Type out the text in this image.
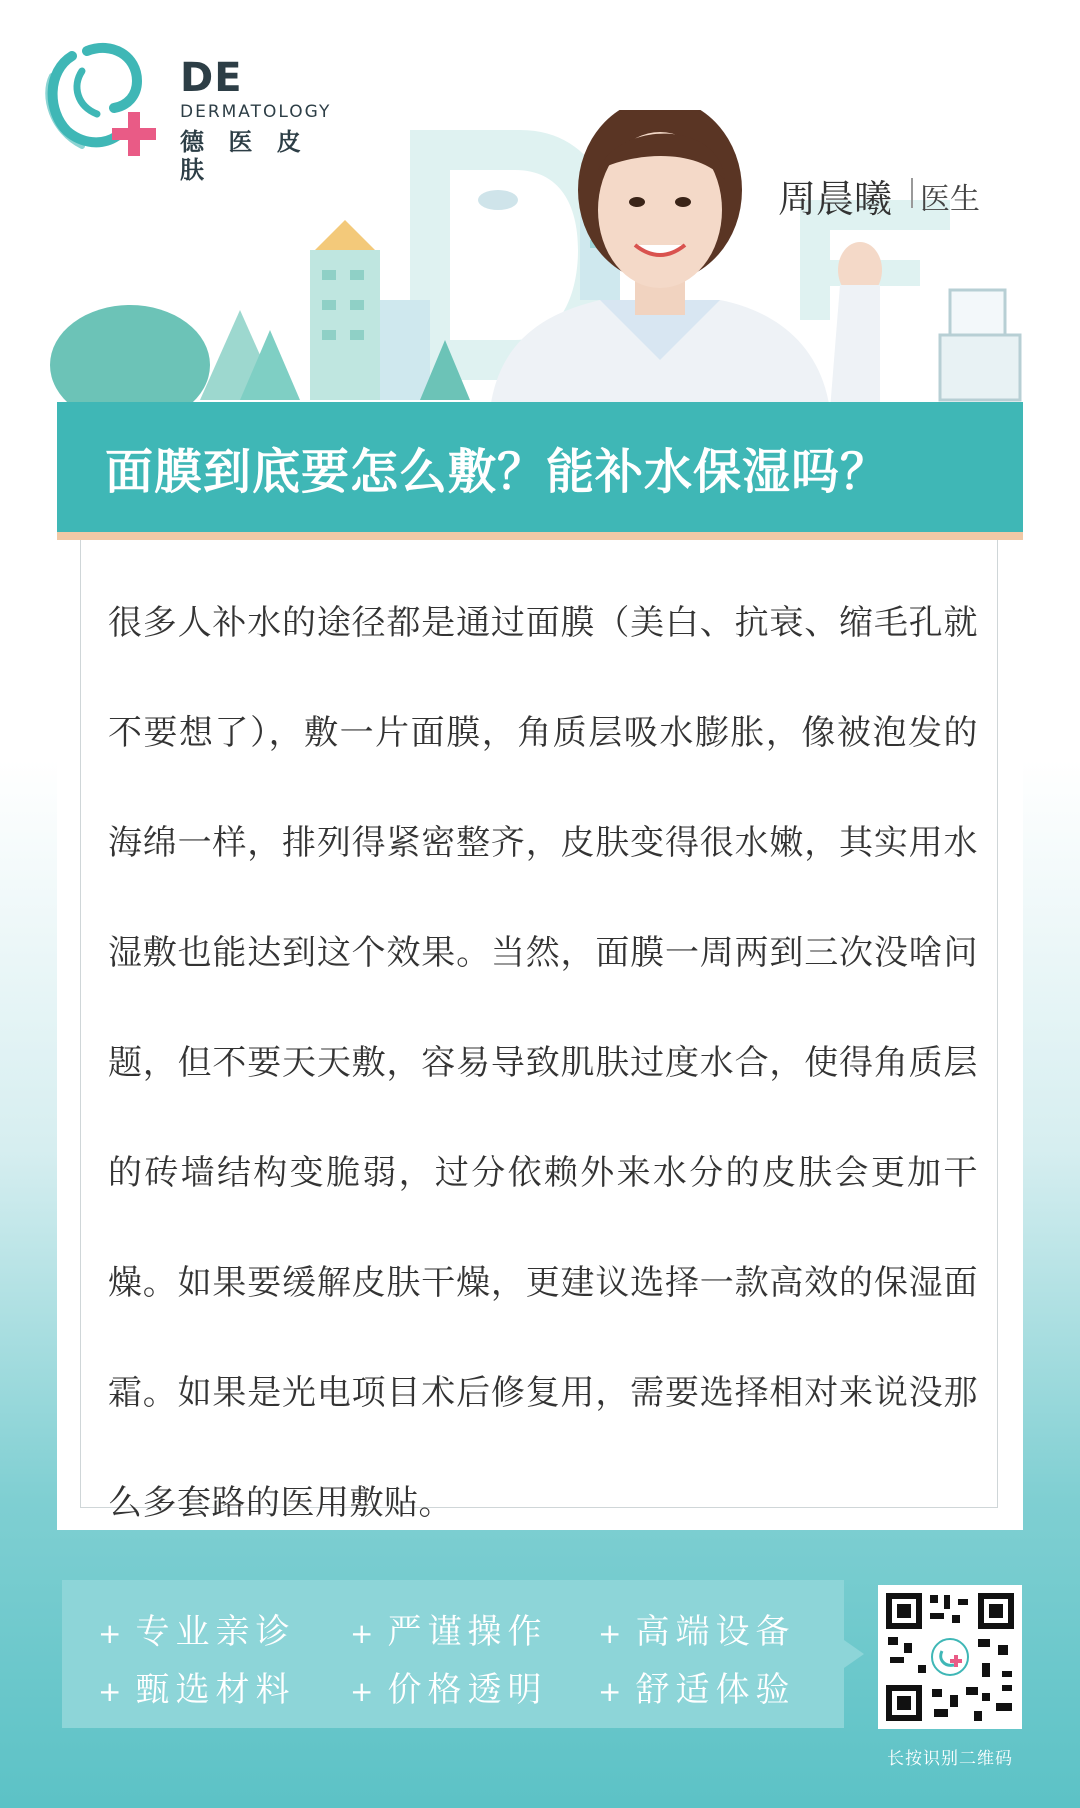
DE
DERMATOLOGY
德 医 皮 肤
周晨曦 医生
面膜到底要怎么敷？能补水保湿吗？

很多人补水的途径都是通过面膜（美白、抗衰、缩毛孔就不要想了），敷一片面膜，角质层吸水膨胀，像被泡发的海绵一样，排列得紧密整齐，皮肤变得很水嫩，其实用水湿敷也能达到这个效果。当然，面膜一周两到三次没啥问题，但不要天天敷，容易导致肌肤过度水合，使得角质层的砖墙结构变脆弱，过分依赖外来水分的皮肤会更加干燥。如果要缓解皮肤干燥，更建议选择一款高效的保湿面霜。如果是光电项目术后修复用，需要选择相对来说没那么多套路的医用敷贴。

+ 专业亲诊 + 严谨操作 + 高端设备
+ 甄选材料 + 价格透明 + 舒适体验
长按识别二维码
